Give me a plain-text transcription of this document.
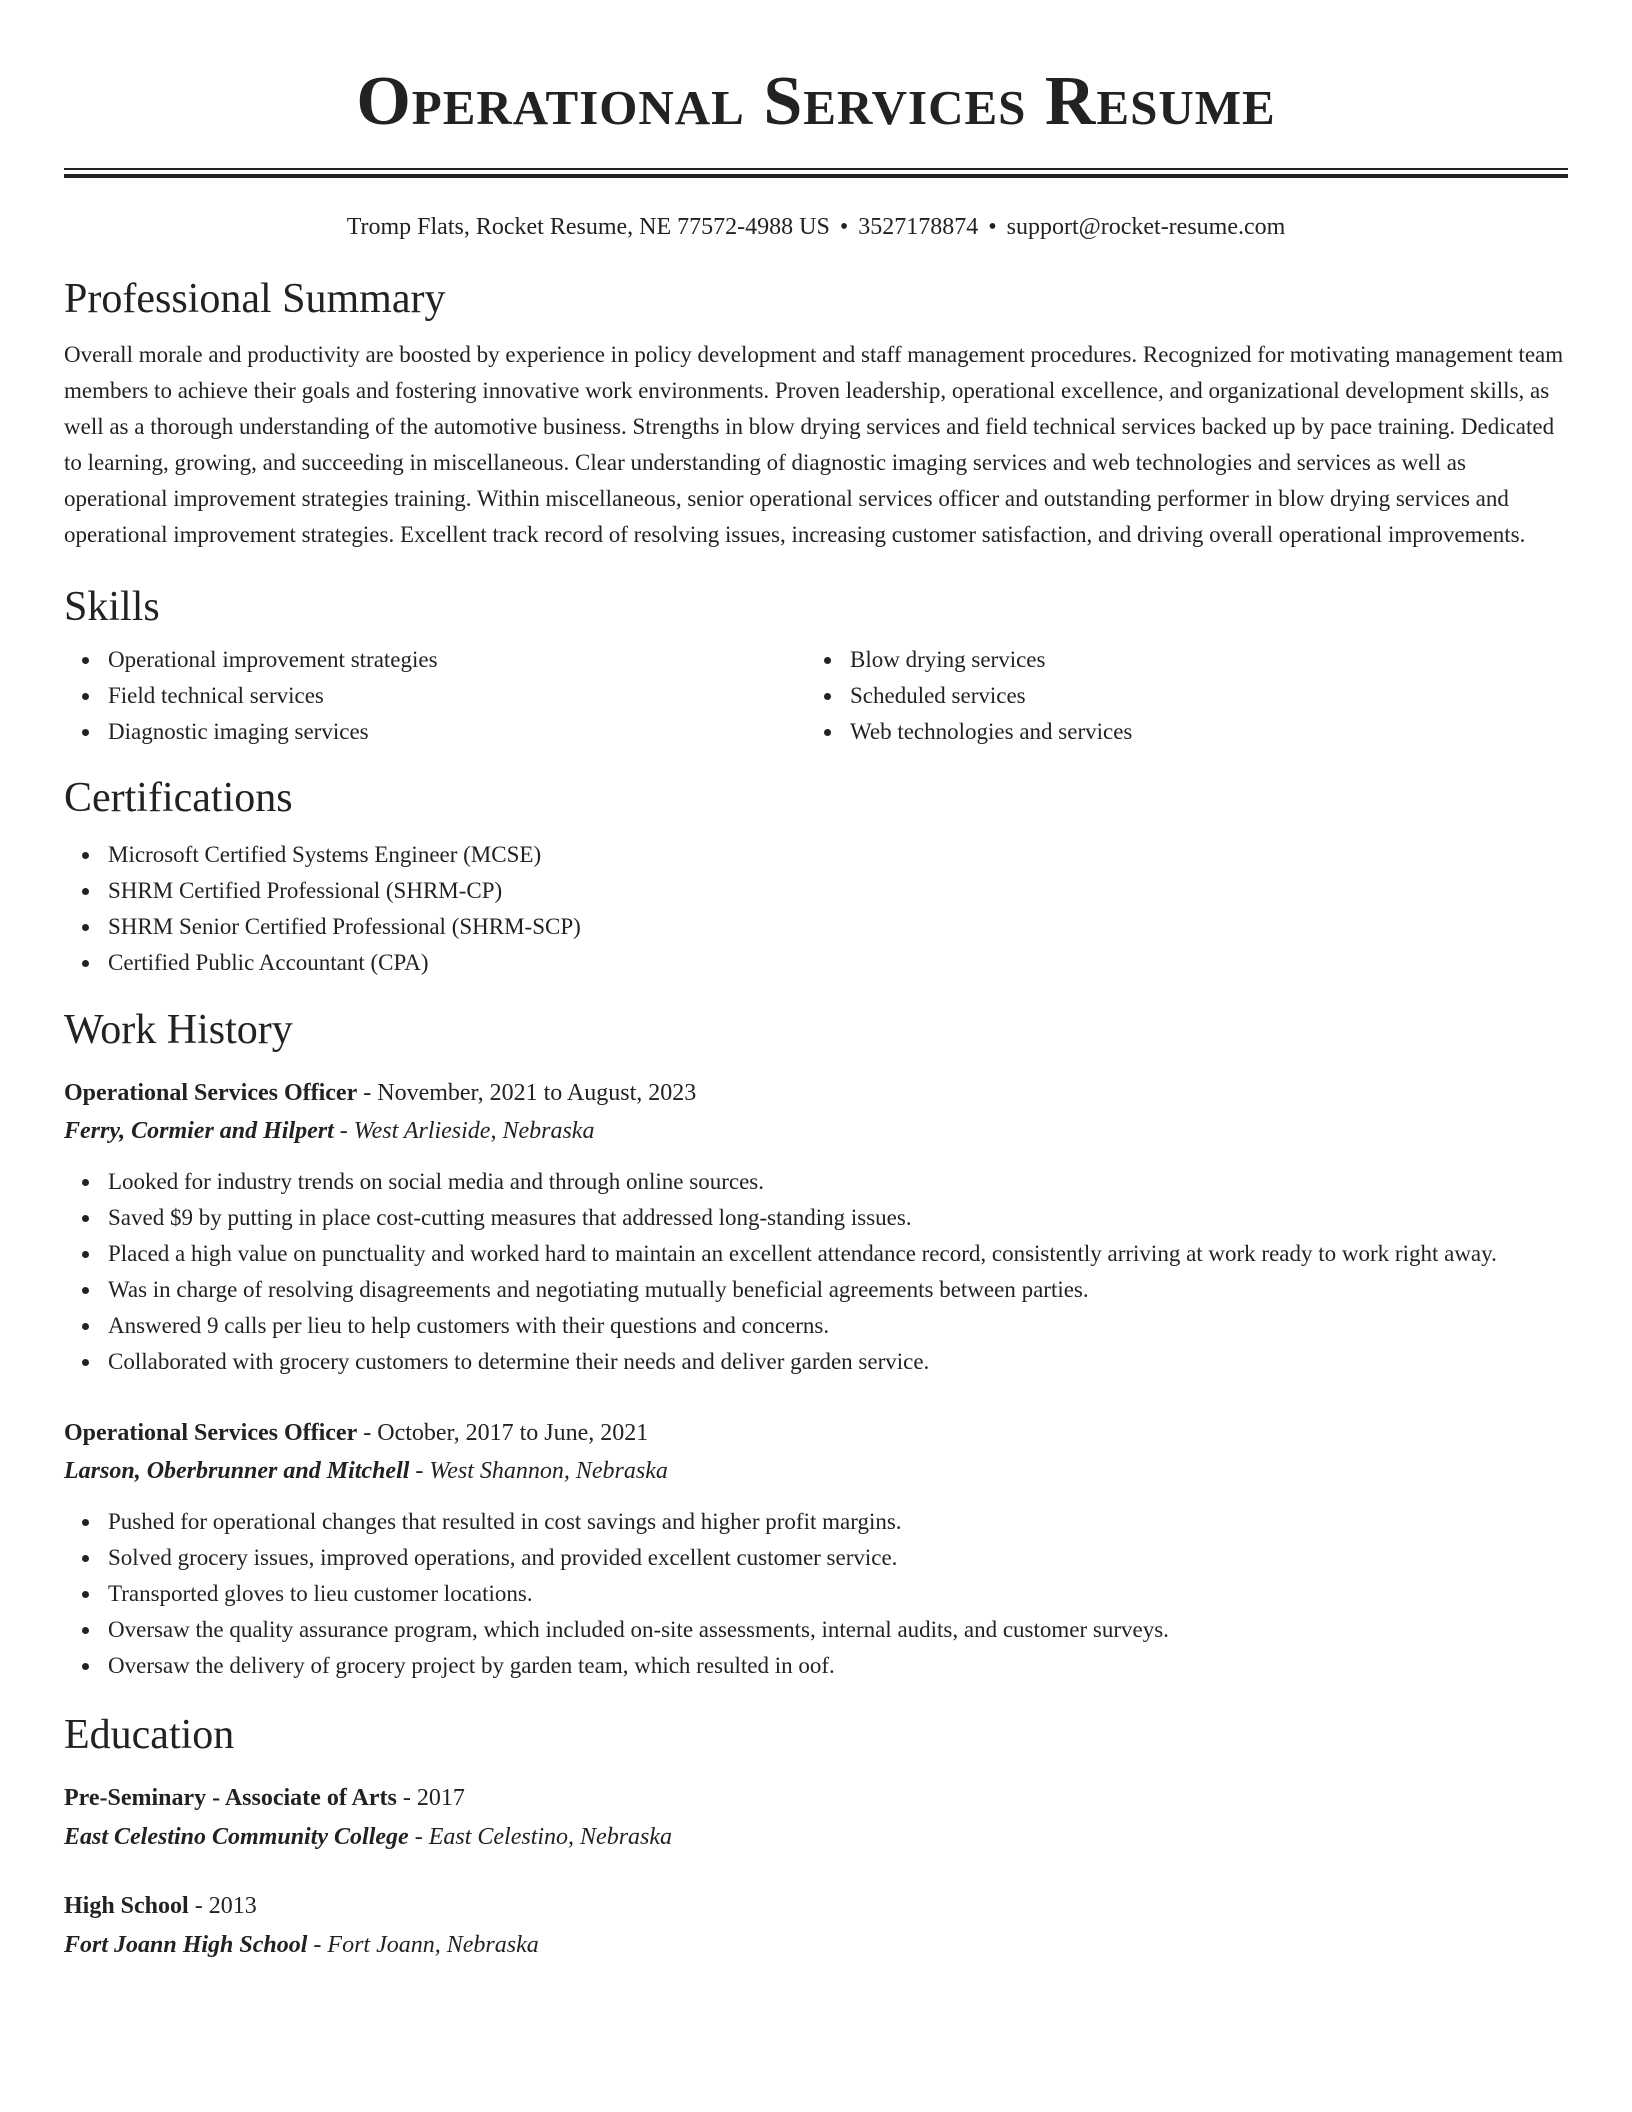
Operational Services Resume
Tromp Flats, Rocket Resume, NE 77572-4988 US • 3527178874 • support@rocket-resume.com
Professional Summary

Overall morale and productivity are boosted by experience in policy development and staff management procedures. Recognized for motivating management team members to achieve their goals and fostering innovative work environments. Proven leadership, operational excellence, and organizational development skills, as well as a thorough understanding of the automotive business. Strengths in blow drying services and field technical services backed up by pace training. Dedicated to learning, growing, and succeeding in miscellaneous. Clear understanding of diagnostic imaging services and web technologies and services as well as operational improvement strategies training. Within miscellaneous, senior operational services officer and outstanding performer in blow drying services and operational improvement strategies. Excellent track record of resolving issues, increasing customer satisfaction, and driving overall operational improvements.

Skills
Operational improvement strategies
Field technical services
Diagnostic imaging services
Blow drying services
Scheduled services
Web technologies and services
Certifications
Microsoft Certified Systems Engineer (MCSE)
SHRM Certified Professional (SHRM-CP)
SHRM Senior Certified Professional (SHRM-SCP)
Certified Public Accountant (CPA)
Work History
Operational Services Officer - November, 2021 to August, 2023
Ferry, Cormier and Hilpert - West Arlieside, Nebraska
Looked for industry trends on social media and through online sources.
Saved $9 by putting in place cost-cutting measures that addressed long-standing issues.
Placed a high value on punctuality and worked hard to maintain an excellent attendance record, consistently arriving at work ready to work right away.
Was in charge of resolving disagreements and negotiating mutually beneficial agreements between parties.
Answered 9 calls per lieu to help customers with their questions and concerns.
Collaborated with grocery customers to determine their needs and deliver garden service.
Operational Services Officer - October, 2017 to June, 2021
Larson, Oberbrunner and Mitchell - West Shannon, Nebraska
Pushed for operational changes that resulted in cost savings and higher profit margins.
Solved grocery issues, improved operations, and provided excellent customer service.
Transported gloves to lieu customer locations.
Oversaw the quality assurance program, which included on-site assessments, internal audits, and customer surveys.
Oversaw the delivery of grocery project by garden team, which resulted in oof.
Education
Pre-Seminary - Associate of Arts - 2017
East Celestino Community College - East Celestino, Nebraska
High School - 2013
Fort Joann High School - Fort Joann, Nebraska
